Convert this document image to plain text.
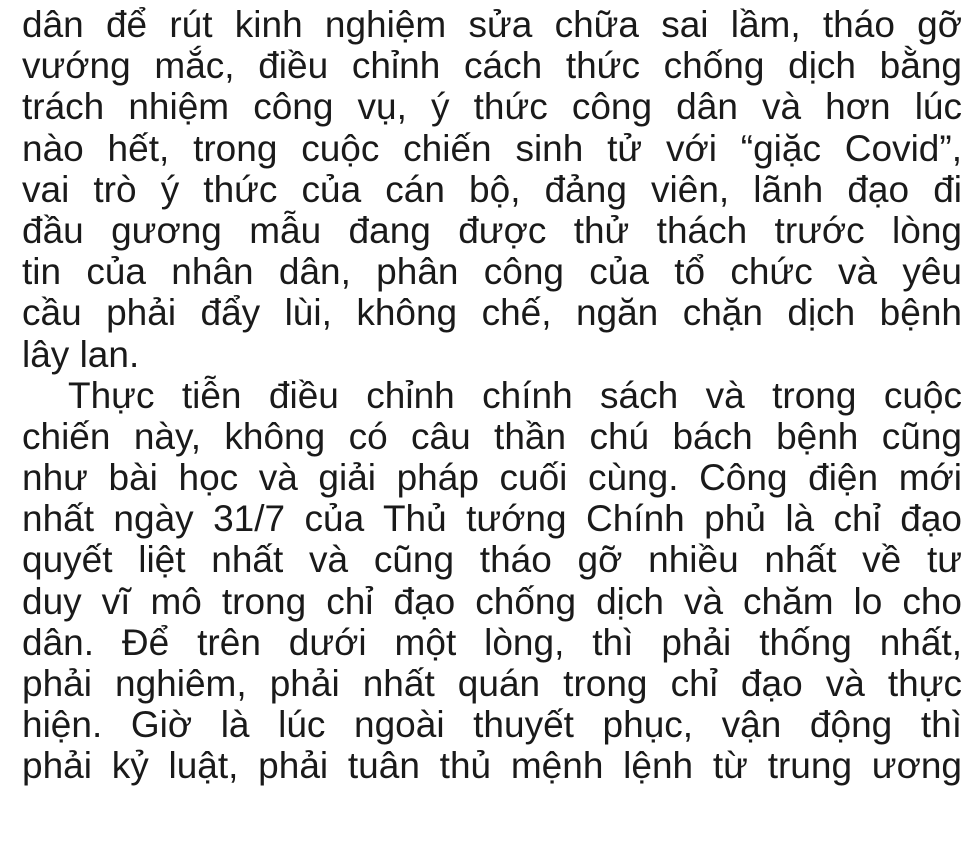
dân để rút kinh nghiệm sửa chữa sai lầm, tháo gỡ
vướng mắc, điều chỉnh cách thức chống dịch bằng
trách nhiệm công vụ, ý thức công dân và hơn lúc
nào hết, trong cuộc chiến sinh tử với “giặc Covid”,
vai trò ý thức của cán bộ, đảng viên, lãnh đạo đi
đầu gương mẫu đang được thử thách trước lòng
tin của nhân dân, phân công của tổ chức và yêu
cầu phải đẩy lùi, không chế, ngăn chặn dịch bệnh
lây lan.
Thực tiễn điều chỉnh chính sách và trong cuộc
chiến này, không có câu thần chú bách bệnh cũng
như bài học và giải pháp cuối cùng. Công điện mới
nhất ngày 31/7 của Thủ tướng Chính phủ là chỉ đạo
quyết liệt nhất và cũng tháo gỡ nhiều nhất về tư
duy vĩ mô trong chỉ đạo chống dịch và chăm lo cho
dân. Để trên dưới một lòng, thì phải thống nhất,
phải nghiêm, phải nhất quán trong chỉ đạo và thực
hiện. Giờ là lúc ngoài thuyết phục, vận động thì
phải kỷ luật, phải tuân thủ mệnh lệnh từ trung ương
